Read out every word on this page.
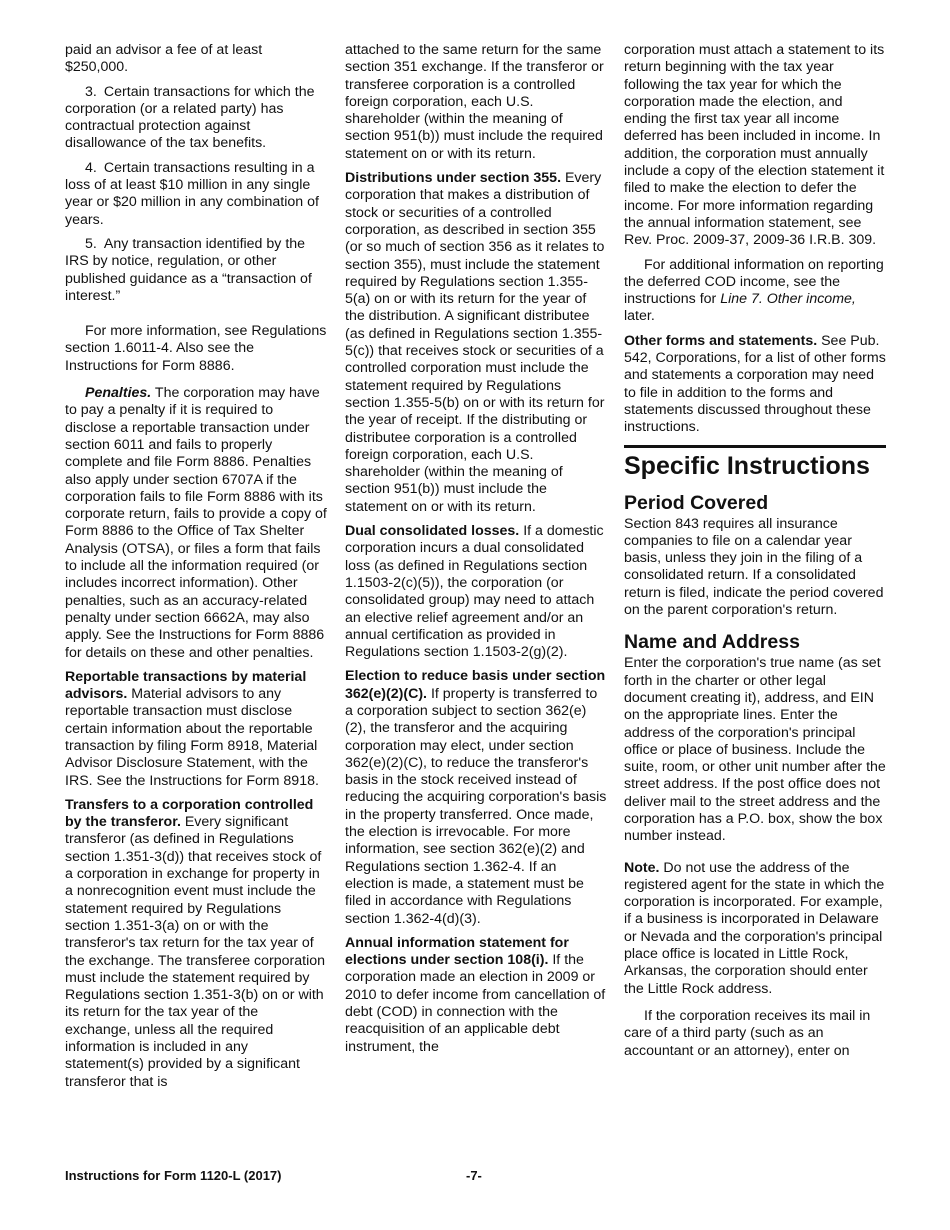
paid an advisor a fee of at least $250,000.

3. Certain transactions for which the corporation (or a related party) has contractual protection against disallowance of the tax benefits.

4. Certain transactions resulting in a loss of at least $10 million in any single year or $20 million in any combination of years.

5. Any transaction identified by the IRS by notice, regulation, or other published guidance as a “transaction of interest.”

For more information, see Regulations section 1.6011-4. Also see the Instructions for Form 8886.

Penalties. The corporation may have to pay a penalty if it is required to disclose a reportable transaction under section 6011 and fails to properly complete and file Form 8886. Penalties also apply under section 6707A if the corporation fails to file Form 8886 with its corporate return, fails to provide a copy of Form 8886 to the Office of Tax Shelter Analysis (OTSA), or files a form that fails to include all the information required (or includes incorrect information). Other penalties, such as an accuracy-related penalty under section 6662A, may also apply. See the Instructions for Form 8886 for details on these and other penalties.

Reportable transactions by material advisors. Material advisors to any reportable transaction must disclose certain information about the reportable transaction by filing Form 8918, Material Advisor Disclosure Statement, with the IRS. See the Instructions for Form 8918.

Transfers to a corporation controlled by the transferor. Every significant transferor (as defined in Regulations section 1.351-3(d)) that receives stock of a corporation in exchange for property in a nonrecognition event must include the statement required by Regulations section 1.351-3(a) on or with the transferor's tax return for the tax year of the exchange. The transferee corporation must include the statement required by Regulations section 1.351-3(b) on or with its return for the tax year of the exchange, unless all the required information is included in any statement(s) provided by a significant transferor that is

attached to the same return for the same section 351 exchange. If the transferor or transferee corporation is a controlled foreign corporation, each U.S. shareholder (within the meaning of section 951(b)) must include the required statement on or with its return.

Distributions under section 355. Every corporation that makes a distribution of stock or securities of a controlled corporation, as described in section 355 (or so much of section 356 as it relates to section 355), must include the statement required by Regulations section 1.355-5(a) on or with its return for the year of the distribution. A significant distributee (as defined in Regulations section 1.355-5(c)) that receives stock or securities of a controlled corporation must include the statement required by Regulations section 1.355-5(b) on or with its return for the year of receipt. If the distributing or distributee corporation is a controlled foreign corporation, each U.S. shareholder (within the meaning of section 951(b)) must include the statement on or with its return.

Dual consolidated losses. If a domestic corporation incurs a dual consolidated loss (as defined in Regulations section 1.1503-2(c)(5)), the corporation (or consolidated group) may need to attach an elective relief agreement and/or an annual certification as provided in Regulations section 1.1503-2(g)(2).

Election to reduce basis under section 362(e)(2)(C). If property is transferred to a corporation subject to section 362(e)(2), the transferor and the acquiring corporation may elect, under section 362(e)(2)(C), to reduce the transferor's basis in the stock received instead of reducing the acquiring corporation's basis in the property transferred. Once made, the election is irrevocable. For more information, see section 362(e)(2) and Regulations section 1.362-4. If an election is made, a statement must be filed in accordance with Regulations section 1.362-4(d)(3).

Annual information statement for elections under section 108(i). If the corporation made an election in 2009 or 2010 to defer income from cancellation of debt (COD) in connection with the reacquisition of an applicable debt instrument, the

corporation must attach a statement to its return beginning with the tax year following the tax year for which the corporation made the election, and ending the first tax year all income deferred has been included in income. In addition, the corporation must annually include a copy of the election statement it filed to make the election to defer the income. For more information regarding the annual information statement, see Rev. Proc. 2009-37, 2009-36 I.R.B. 309.

For additional information on reporting the deferred COD income, see the instructions for Line 7. Other income, later.

Other forms and statements. See Pub. 542, Corporations, for a list of other forms and statements a corporation may need to file in addition to the forms and statements discussed throughout these instructions.

Specific Instructions
Period Covered

Section 843 requires all insurance companies to file on a calendar year basis, unless they join in the filing of a consolidated return. If a consolidated return is filed, indicate the period covered on the parent corporation's return.

Name and Address

Enter the corporation's true name (as set forth in the charter or other legal document creating it), address, and EIN on the appropriate lines. Enter the address of the corporation's principal office or place of business. Include the suite, room, or other unit number after the street address. If the post office does not deliver mail to the street address and the corporation has a P.O. box, show the box number instead.

Note. Do not use the address of the registered agent for the state in which the corporation is incorporated. For example, if a business is incorporated in Delaware or Nevada and the corporation's principal place office is located in Little Rock, Arkansas, the corporation should enter the Little Rock address.

If the corporation receives its mail in care of a third party (such as an accountant or an attorney), enter on

Instructions for Form 1120-L (2017)	-7-
